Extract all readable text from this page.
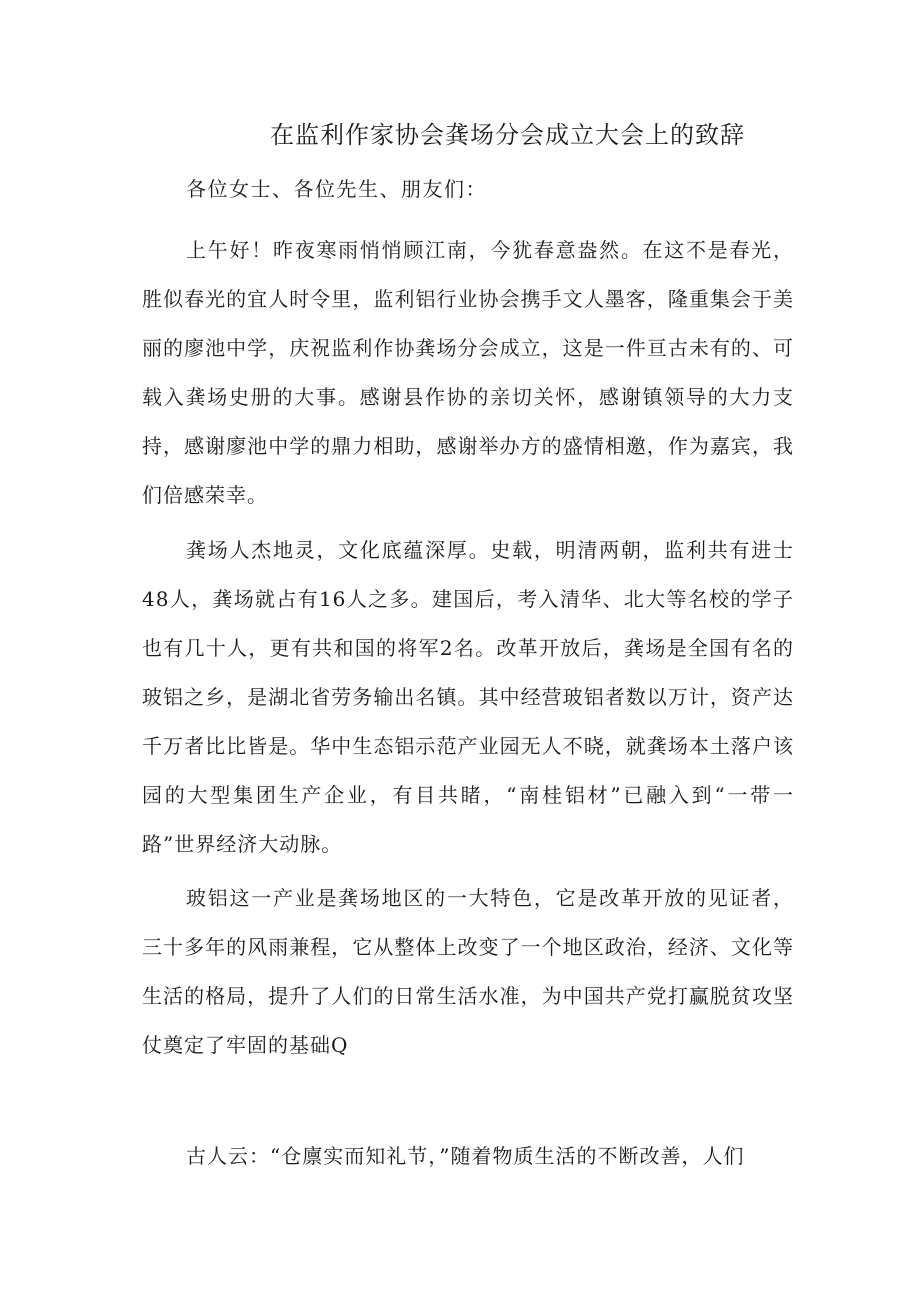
在监利作家协会龚场分会成立大会上的致辞

各位女士、各位先生、朋友们：

上午好！昨夜寒雨悄悄顾江南，今犹春意盎然。在这不是春光，胜似春光的宜人时令里，监利铝行业协会携手文人墨客，隆重集会于美丽的廖池中学，庆祝监利作协龚场分会成立，这是一件亘古未有的、可载入龚场史册的大事。感谢县作协的亲切关怀，感谢镇领导的大力支持，感谢廖池中学的鼎力相助，感谢举办方的盛情相邀，作为嘉宾，我们倍感荣幸。

龚场人杰地灵，文化底蕴深厚。史载，明清两朝，监利共有进士48人，龚场就占有16人之多。建国后，考入清华、北大等名校的学子也有几十人，更有共和国的将军2名。改革开放后，龚场是全国有名的玻铝之乡，是湖北省劳务输出名镇。其中经营玻铝者数以万计，资产达千万者比比皆是。华中生态铝示范产业园无人不晓，就龚场本土落户该园的大型集团生产企业，有目共睹，“南桂铝材”已融入到“一带一路”世界经济大动脉。

玻铝这一产业是龚场地区的一大特色，它是改革开放的见证者，三十多年的风雨兼程，它从整体上改变了一个地区政治，经济、文化等生活的格局，提升了人们的日常生活水准，为中国共产党打赢脱贫攻坚仗奠定了牢固的基础Q

古人云：“仓廪实而知礼节，”随着物质生活的不断改善，人们
